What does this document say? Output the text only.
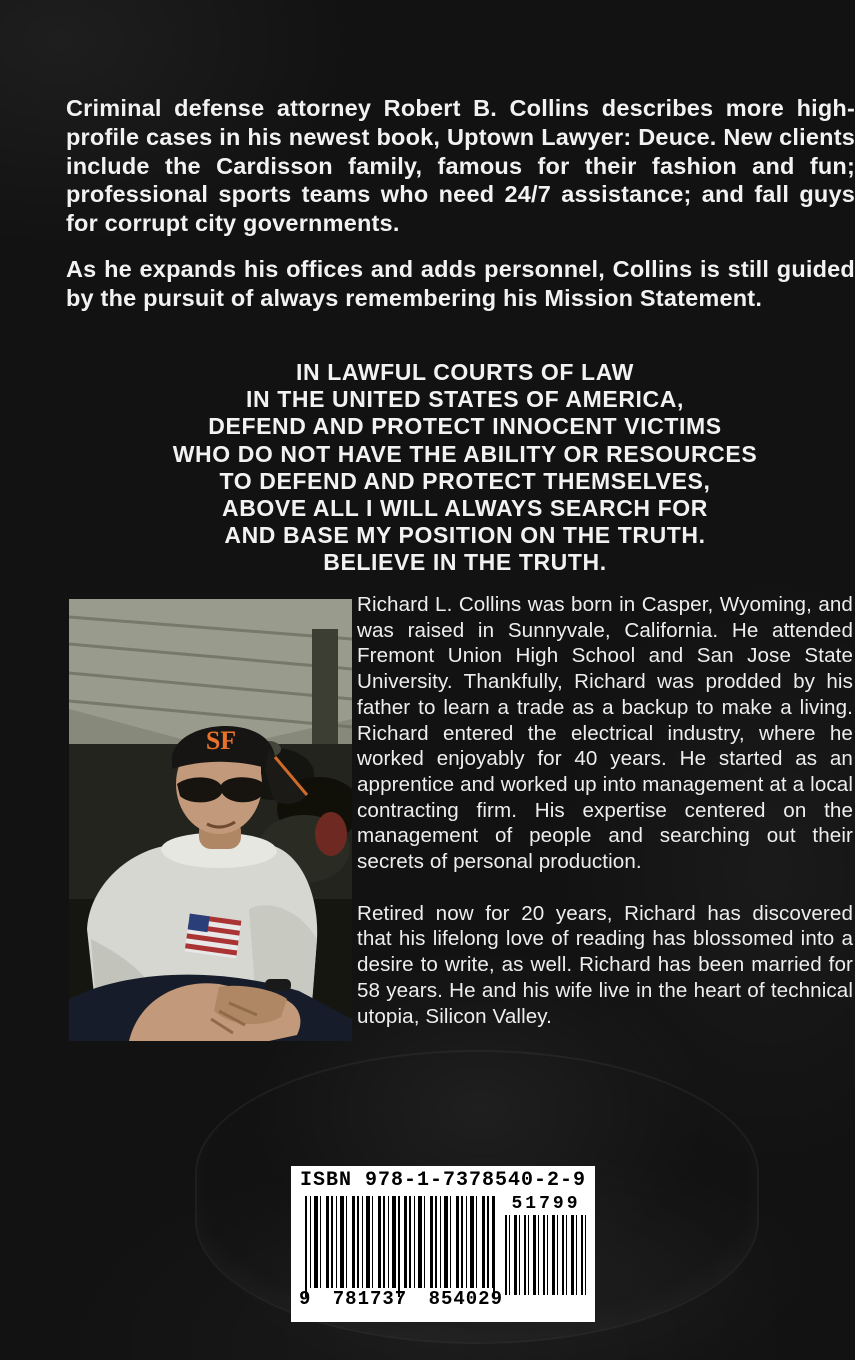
Criminal defense attorney Robert B. Collins describes more high-profile cases in his newest book, Uptown Lawyer: Deuce. New clients include the Cardisson family, famous for their fashion and fun; professional sports teams who need 24/7 assistance; and fall guys for corrupt city governments.

As he expands his offices and adds personnel, Collins is still guided by the pursuit of always remembering his Mission Statement.

IN LAWFUL COURTS OF LAW
IN THE UNITED STATES OF AMERICA,
DEFEND AND PROTECT INNOCENT VICTIMS
WHO DO NOT HAVE THE ABILITY OR RESOURCES
TO DEFEND AND PROTECT THEMSELVES,
ABOVE ALL I WILL ALWAYS SEARCH FOR
AND BASE MY POSITION ON THE TRUTH.
BELIEVE IN THE TRUTH.
SF

Richard L. Collins was born in Casper, Wyoming, and was raised in Sunnyvale, California. He attended Fremont Union High School and San Jose State University. Thankfully, Richard was prodded by his father to learn a trade as a backup to make a living. Richard entered the electrical industry, where he worked enjoyably for 40 years. He started as an apprentice and worked up into management at a local contracting firm. His expertise centered on the management of people and searching out their secrets of personal production.

Retired now for 20 years, Richard has discovered that his lifelong love of reading has blossomed into a desire to write, as well. Richard has been married for 58 years. He and his wife live in the heart of technical utopia, Silicon Valley.

ISBN 978-1-7378540-2-9
9 781737 854029
51799
